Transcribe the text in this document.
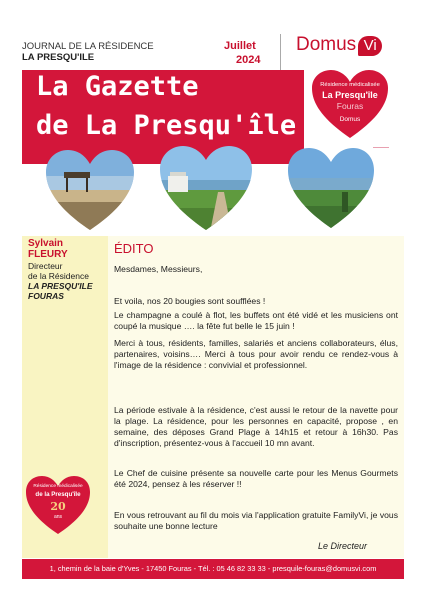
JOURNAL DE LA RÉSIDENCE
LA PRESQU'ILE
Juillet
2024
Domus Vi
La Gazette
de La Presqu'île
Résidence médicalisée
La Presqu'île
Fouras
Domus
Sylvain
FLEURY
Directeur
de la Résidence
LA PRESQU'ILE
FOURAS
Résidence médicalisée
de la Presqu'île
20
ans
ÉDITO
Mesdames, Messieurs,
Et voila, nos 20 bougies sont soufflées !
Le champagne a coulé à flot, les buffets ont été vidé et les musiciens ont coupé la musique …. la fête fut belle le 15 juin !
Merci à tous, résidents, familles, salariés et anciens collaborateurs, élus, partenaires, voisins…. Merci à tous pour avoir rendu ce rendez-vous à l'image de la résidence : convivial et professionnel.
La période estivale à la résidence, c'est aussi le retour de la navette pour la plage. La résidence, pour les personnes en capacité, propose , en semaine, des déposes Grand Plage à 14h15 et retour à 16h30. Pas d'inscription, présentez-vous à l'accueil 10 mn avant.
Le Chef de cuisine présente sa nouvelle carte pour les Menus Gourmets été 2024, pensez à les réserver !!
En vous retrouvant au fil du mois via l'application gratuite FamilyVi, je vous souhaite une bonne lecture
Le Directeur
1, chemin de la baie d'Yves - 17450 Fouras - Tél. : 05 46 82 33 33 - presquile-fouras@domusvi.com
